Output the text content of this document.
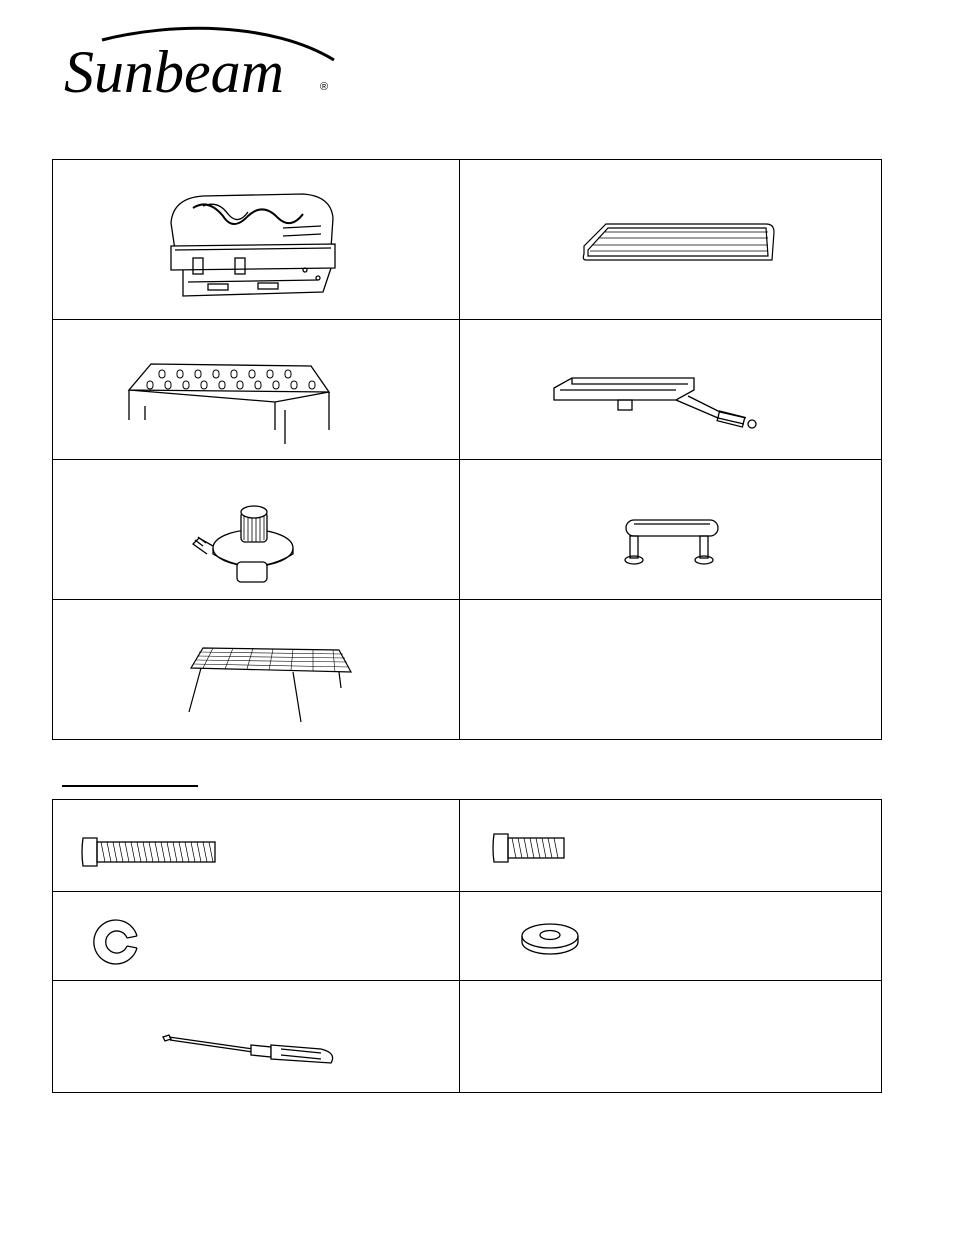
Sunbeam	®
